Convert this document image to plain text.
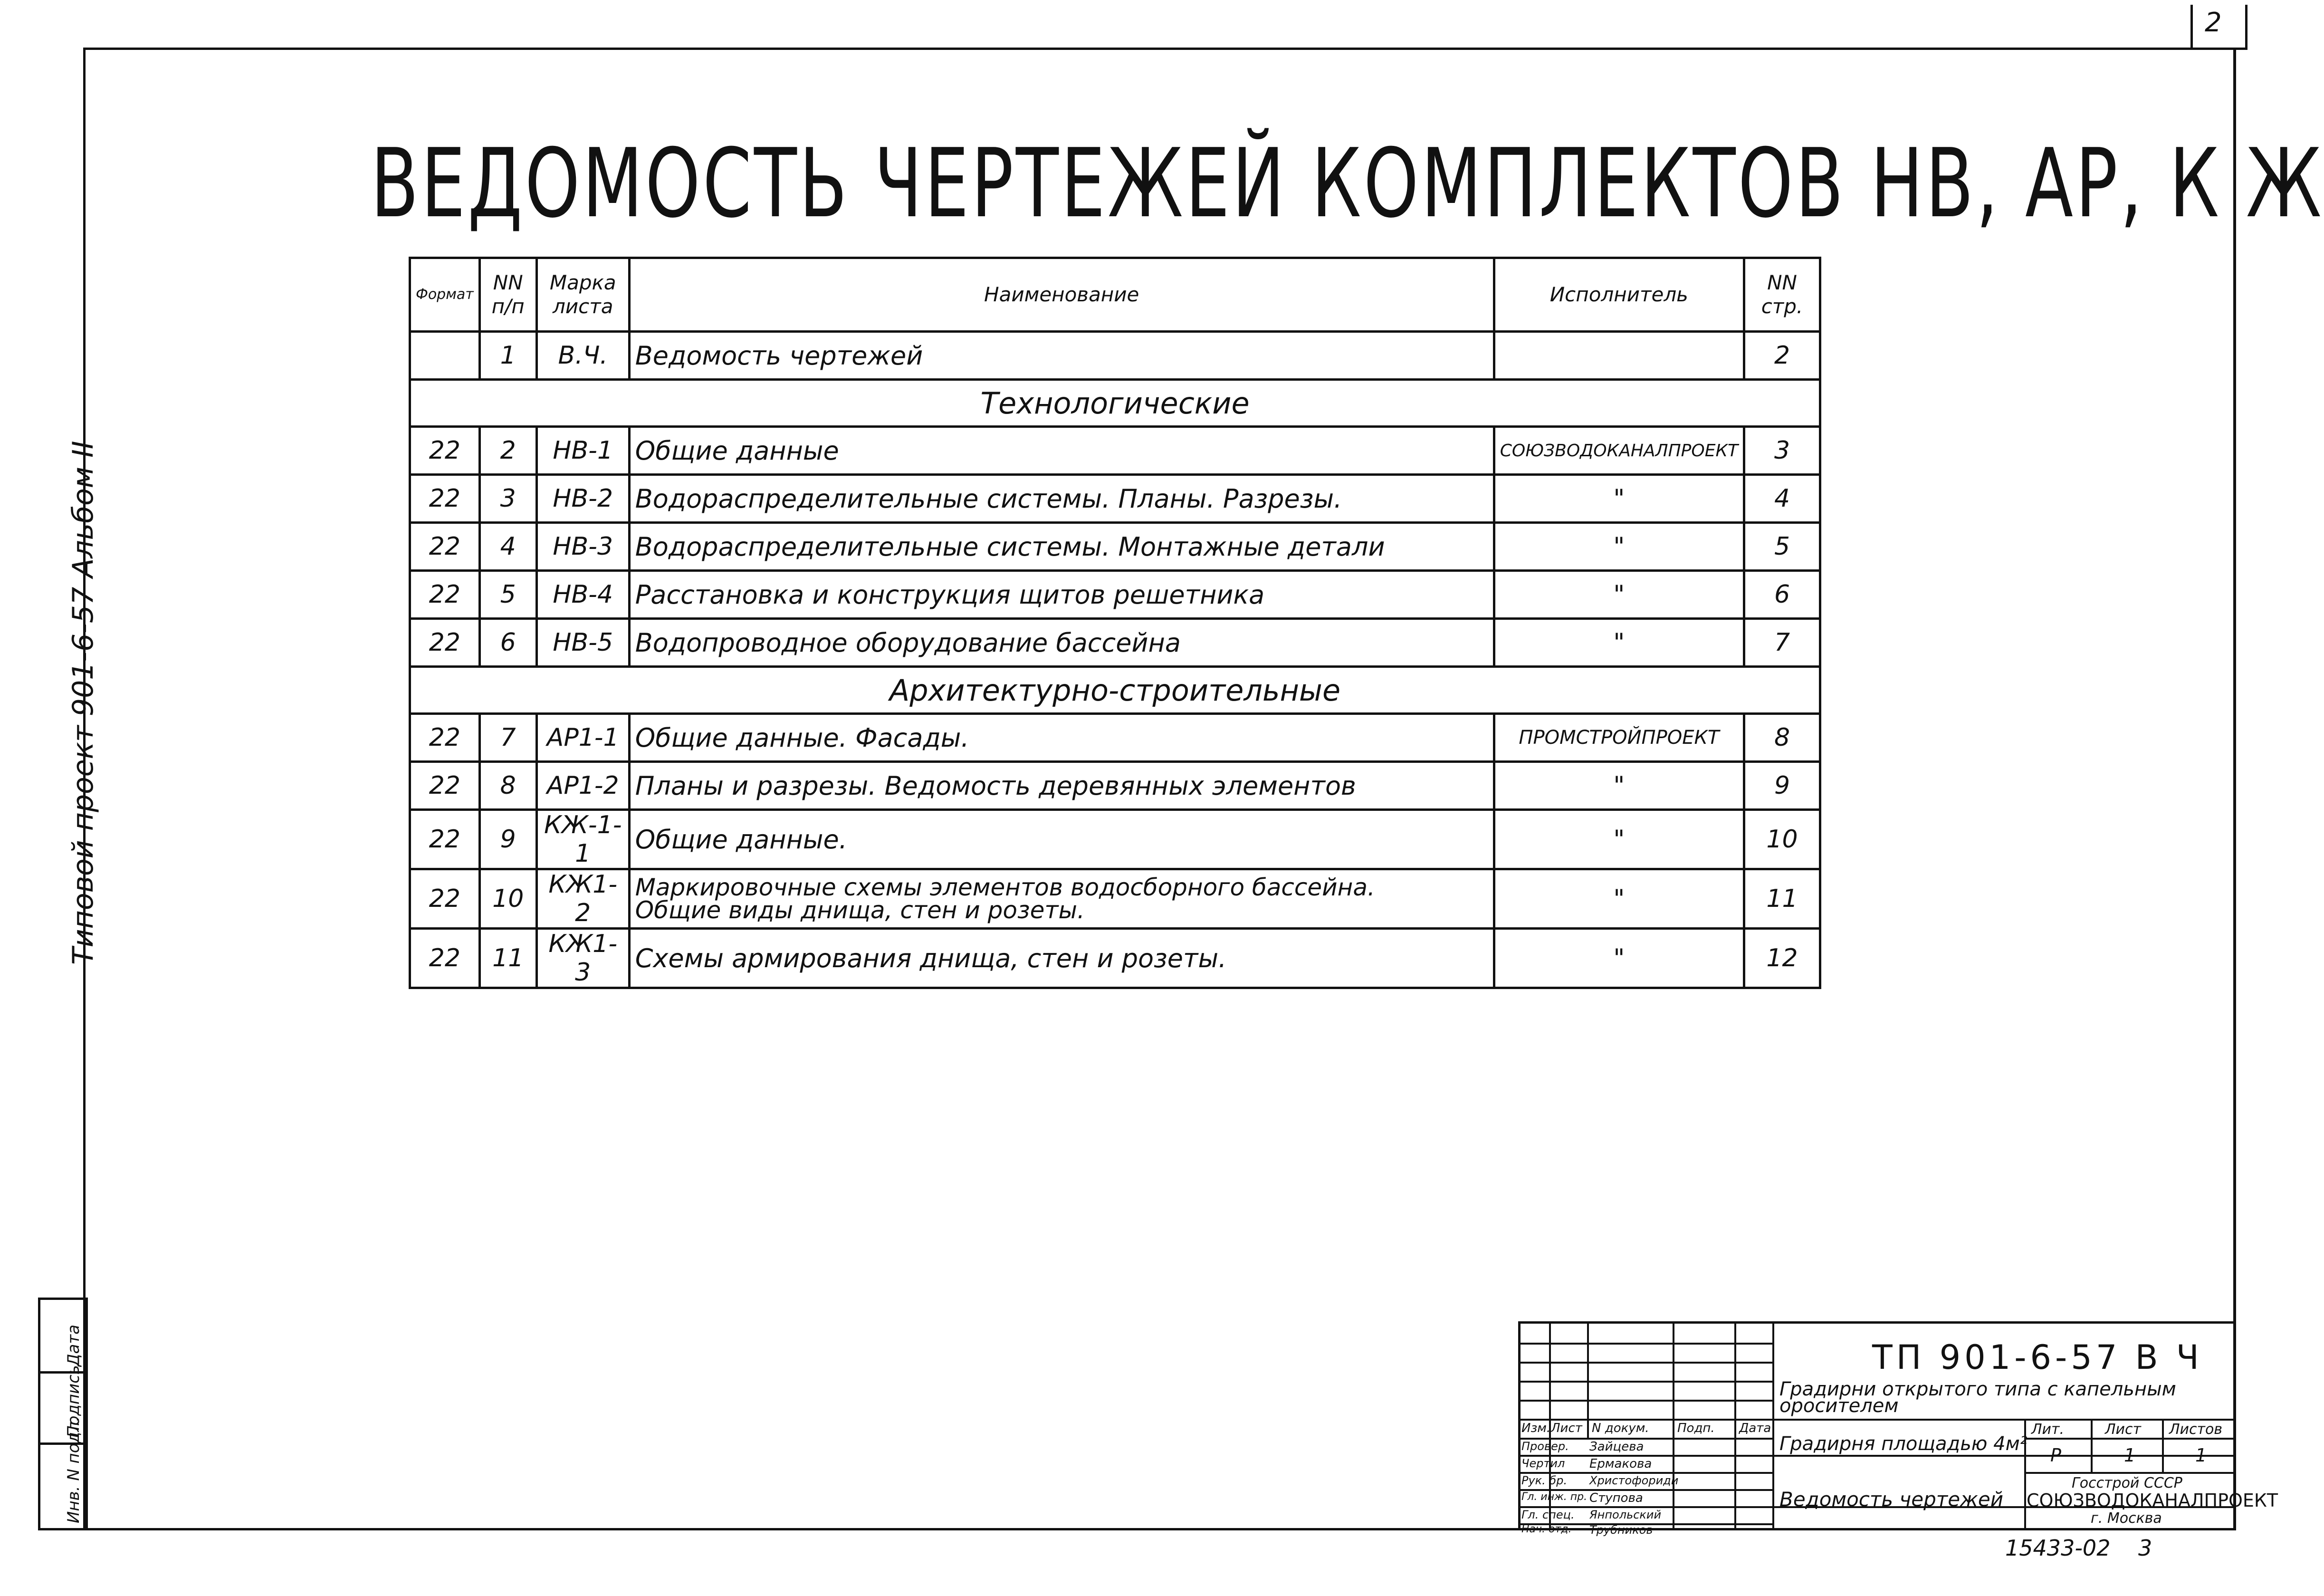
2
ВЕДОМОСТЬ ЧЕРТЕЖЕЙ КОМПЛЕКТОВ НВ, АР, К Ж
Типовой проект 901-6-57 Альбом II
Формат	NN п/п	Марка листа	Наименование	Исполнитель	NN стр.
	1	В.Ч.	Ведомость чертежей		2
Технологические					
22	2	НВ-1	Общие данные	СОЮЗВОДОКАНАЛПРОЕКТ	3
22	3	НВ-2	Водораспределительные системы. Планы. Разрезы.	"	4
22	4	НВ-3	Водораспределительные системы. Монтажные детали	"	5
22	5	НВ-4	Расстановка и конструкция щитов решетника	"	6
22	6	НВ-5	Водопроводное оборудование бассейна	"	7
Архитектурно-строительные					
22	7	АР1-1	Общие данные. Фасады.	ПРОМСТРОЙПРОЕКТ	8
22	8	АР1-2	Планы и разрезы. Ведомость деревянных элементов	"	9
22	9	КЖ-1-1	Общие данные.	"	10
22	10	КЖ1-2	Маркировочные схемы элементов водосборного бассейна.
Общие виды днища, стен и розеты.	"	11
22	11	КЖ1-3	Схемы армирования днища, стен и розеты.	"	12
Дата
Подпись
Инв. N подл.
ТП 901-6-57 В Ч
Градирни открытого типа с капельным
оросителем
Изм. Лист N докум. Подп. Дата
Провер. Зайцева
Чертил Ермакова
Рук. бр. Христофориди
Гл. инж. пр. Ступова
Гл. спец. Янпольский
Нач. отд. Трубников
Градирня площадью 4м²
Лит.	Лист Листов
Р	1	1
Ведомость чертежей
Госстрой СССР
СОЮЗВОДОКАНАЛПРОЕКТ
г. Москва
15433-02 3
